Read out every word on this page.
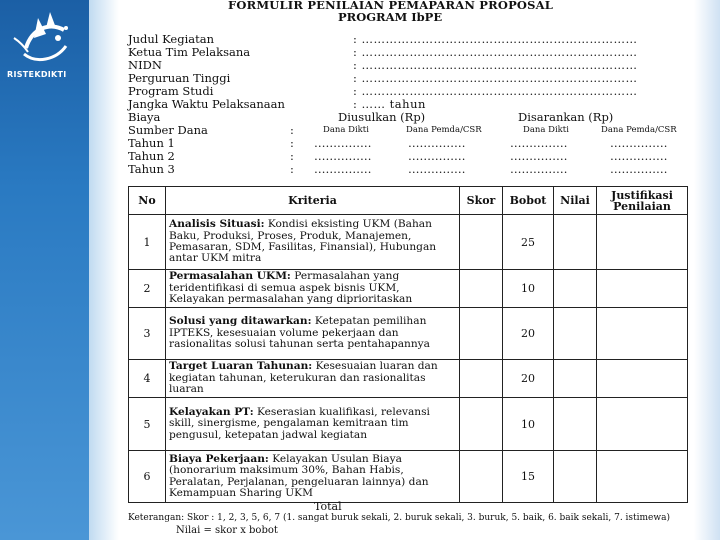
RISTEKDIKTI
FORMULIR PENILAIAN PEMAPARAN PROPOSAL
PROGRAM IbPE
Judul Kegiatan	: ……………………………………………………………
Ketua Tim Pelaksana	: ……………………………………………………………
NIDN	: ……………………………………………………………
Perguruan Tinggi	: ……………………………………………………………
Program Studi	: ……………………………………………………………
Jangka Waktu Pelaksanaan	: …… tahun
Biaya	Diusulkan (Rp)	Disarankan (Rp)
Sumber Dana	:	Dana Dikti	Dana Pemda/CSR	Dana Dikti	Dana Pemda/CSR
Tahun 1	: ……………	……………	……………	……………
Tahun 2	: ……………	……………	……………	……………
Tahun 3	: ……………	……………	……………	……………
No	Kriteria	Skor	Bobot	Nilai	Justifikasi Penilaian
1	Analisis Situasi: Kondisi eksisting UKM (Bahan Baku, Produksi, Proses, Produk, Manajemen, Pemasaran, SDM, Fasilitas, Finansial), Hubungan antar UKM mitra		25		
2	Permasalahan UKM: Permasalahan yang teridentifikasi di semua aspek bisnis UKM, Kelayakan permasalahan yang diprioritaskan		10		
3	Solusi yang ditawarkan: Ketepatan pemilihan IPTEKS, kesesuaian volume pekerjaan dan rasionalitas solusi tahunan serta pentahapannya		20		
4	Target Luaran Tahunan: Kesesuaian luaran dan kegiatan tahunan, keterukuran dan rasionalitas luaran		20		
5	Kelayakan PT: Keserasian kualifikasi, relevansi skill, sinergisme, pengalaman kemitraan tim pengusul, ketepatan jadwal kegiatan		10		
6	Biaya Pekerjaan: Kelayakan Usulan Biaya (honorarium maksimum 30%, Bahan Habis, Peralatan, Perjalanan, pengeluaran lainnya) dan Kemampuan Sharing UKM		15		
Total
Keterangan: Skor : 1, 2, 3, 5, 6, 7 (1. sangat buruk sekali, 2. buruk sekali, 3. buruk, 5. baik, 6. baik sekali, 7. istimewa)
Nilai = skor x bobot
